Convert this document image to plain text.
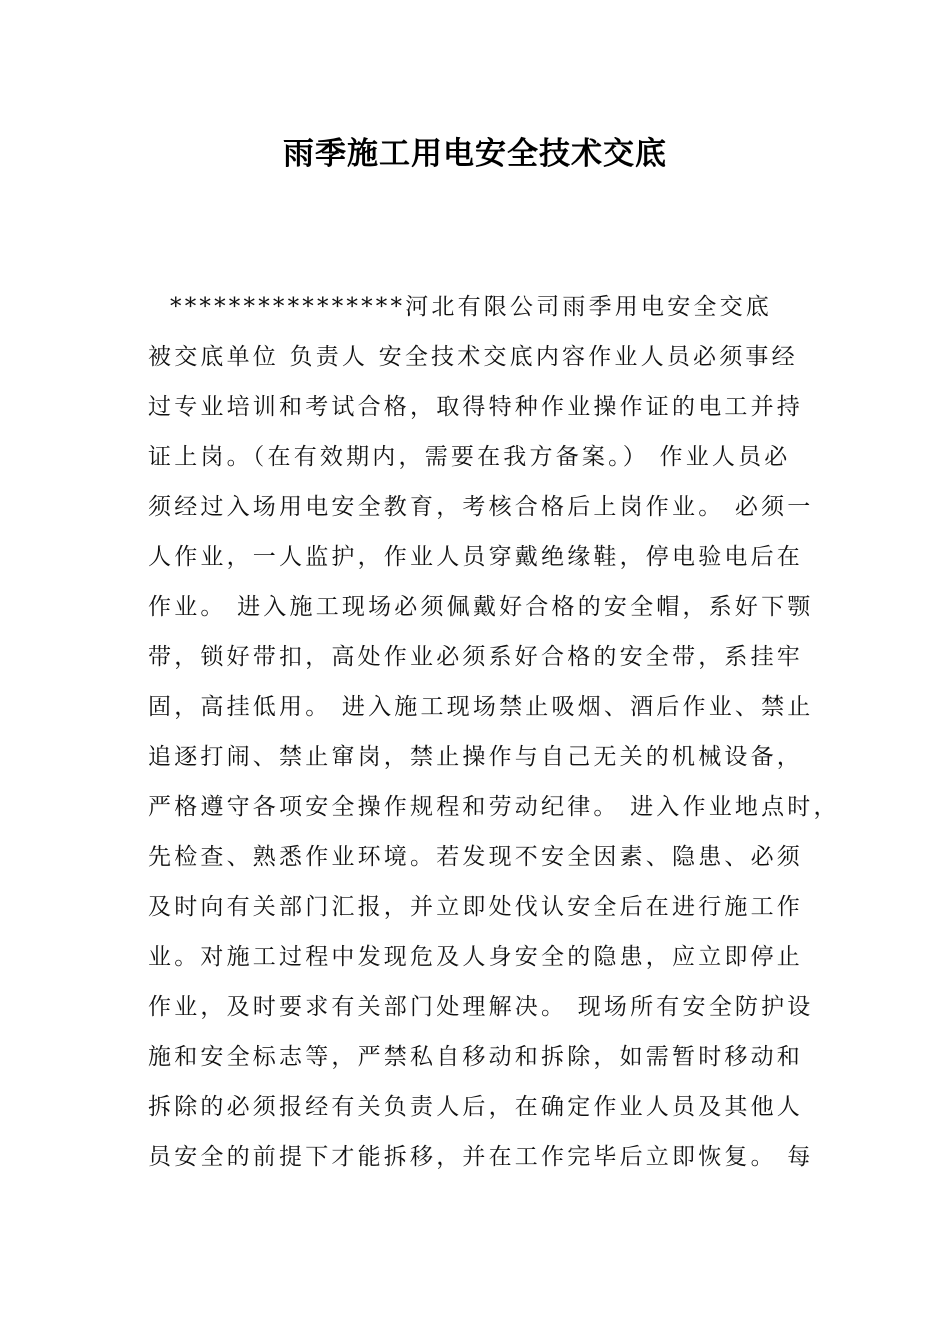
雨季施工用电安全技术交底
****************河北有限公司雨季用电安全交底
被交底单位 负责人 安全技术交底内容作业人员必须事经
过专业培训和考试合格，取得特种作业操作证的电工并持
证上岗。（在有效期内，需要在我方备案。） 作业人员必
须经过入场用电安全教育，考核合格后上岗作业。 必须一
人作业，一人监护，作业人员穿戴绝缘鞋，停电验电后在
作业。 进入施工现场必须佩戴好合格的安全帽，系好下颚
带，锁好带扣，高处作业必须系好合格的安全带，系挂牢
固，高挂低用。 进入施工现场禁止吸烟、酒后作业、禁止
追逐打闹、禁止窜岗，禁止操作与自己无关的机械设备，
严格遵守各项安全操作规程和劳动纪律。 进入作业地点时，
先检查、熟悉作业环境。若发现不安全因素、隐患、必须
及时向有关部门汇报，并立即处伐认安全后在进行施工作
业。对施工过程中发现危及人身安全的隐患，应立即停止
作业，及时要求有关部门处理解决。 现场所有安全防护设
施和安全标志等，严禁私自移动和拆除，如需暂时移动和
拆除的必须报经有关负责人后，在确定作业人员及其他人
员安全的前提下才能拆移，并在工作完毕后立即恢复。 每
